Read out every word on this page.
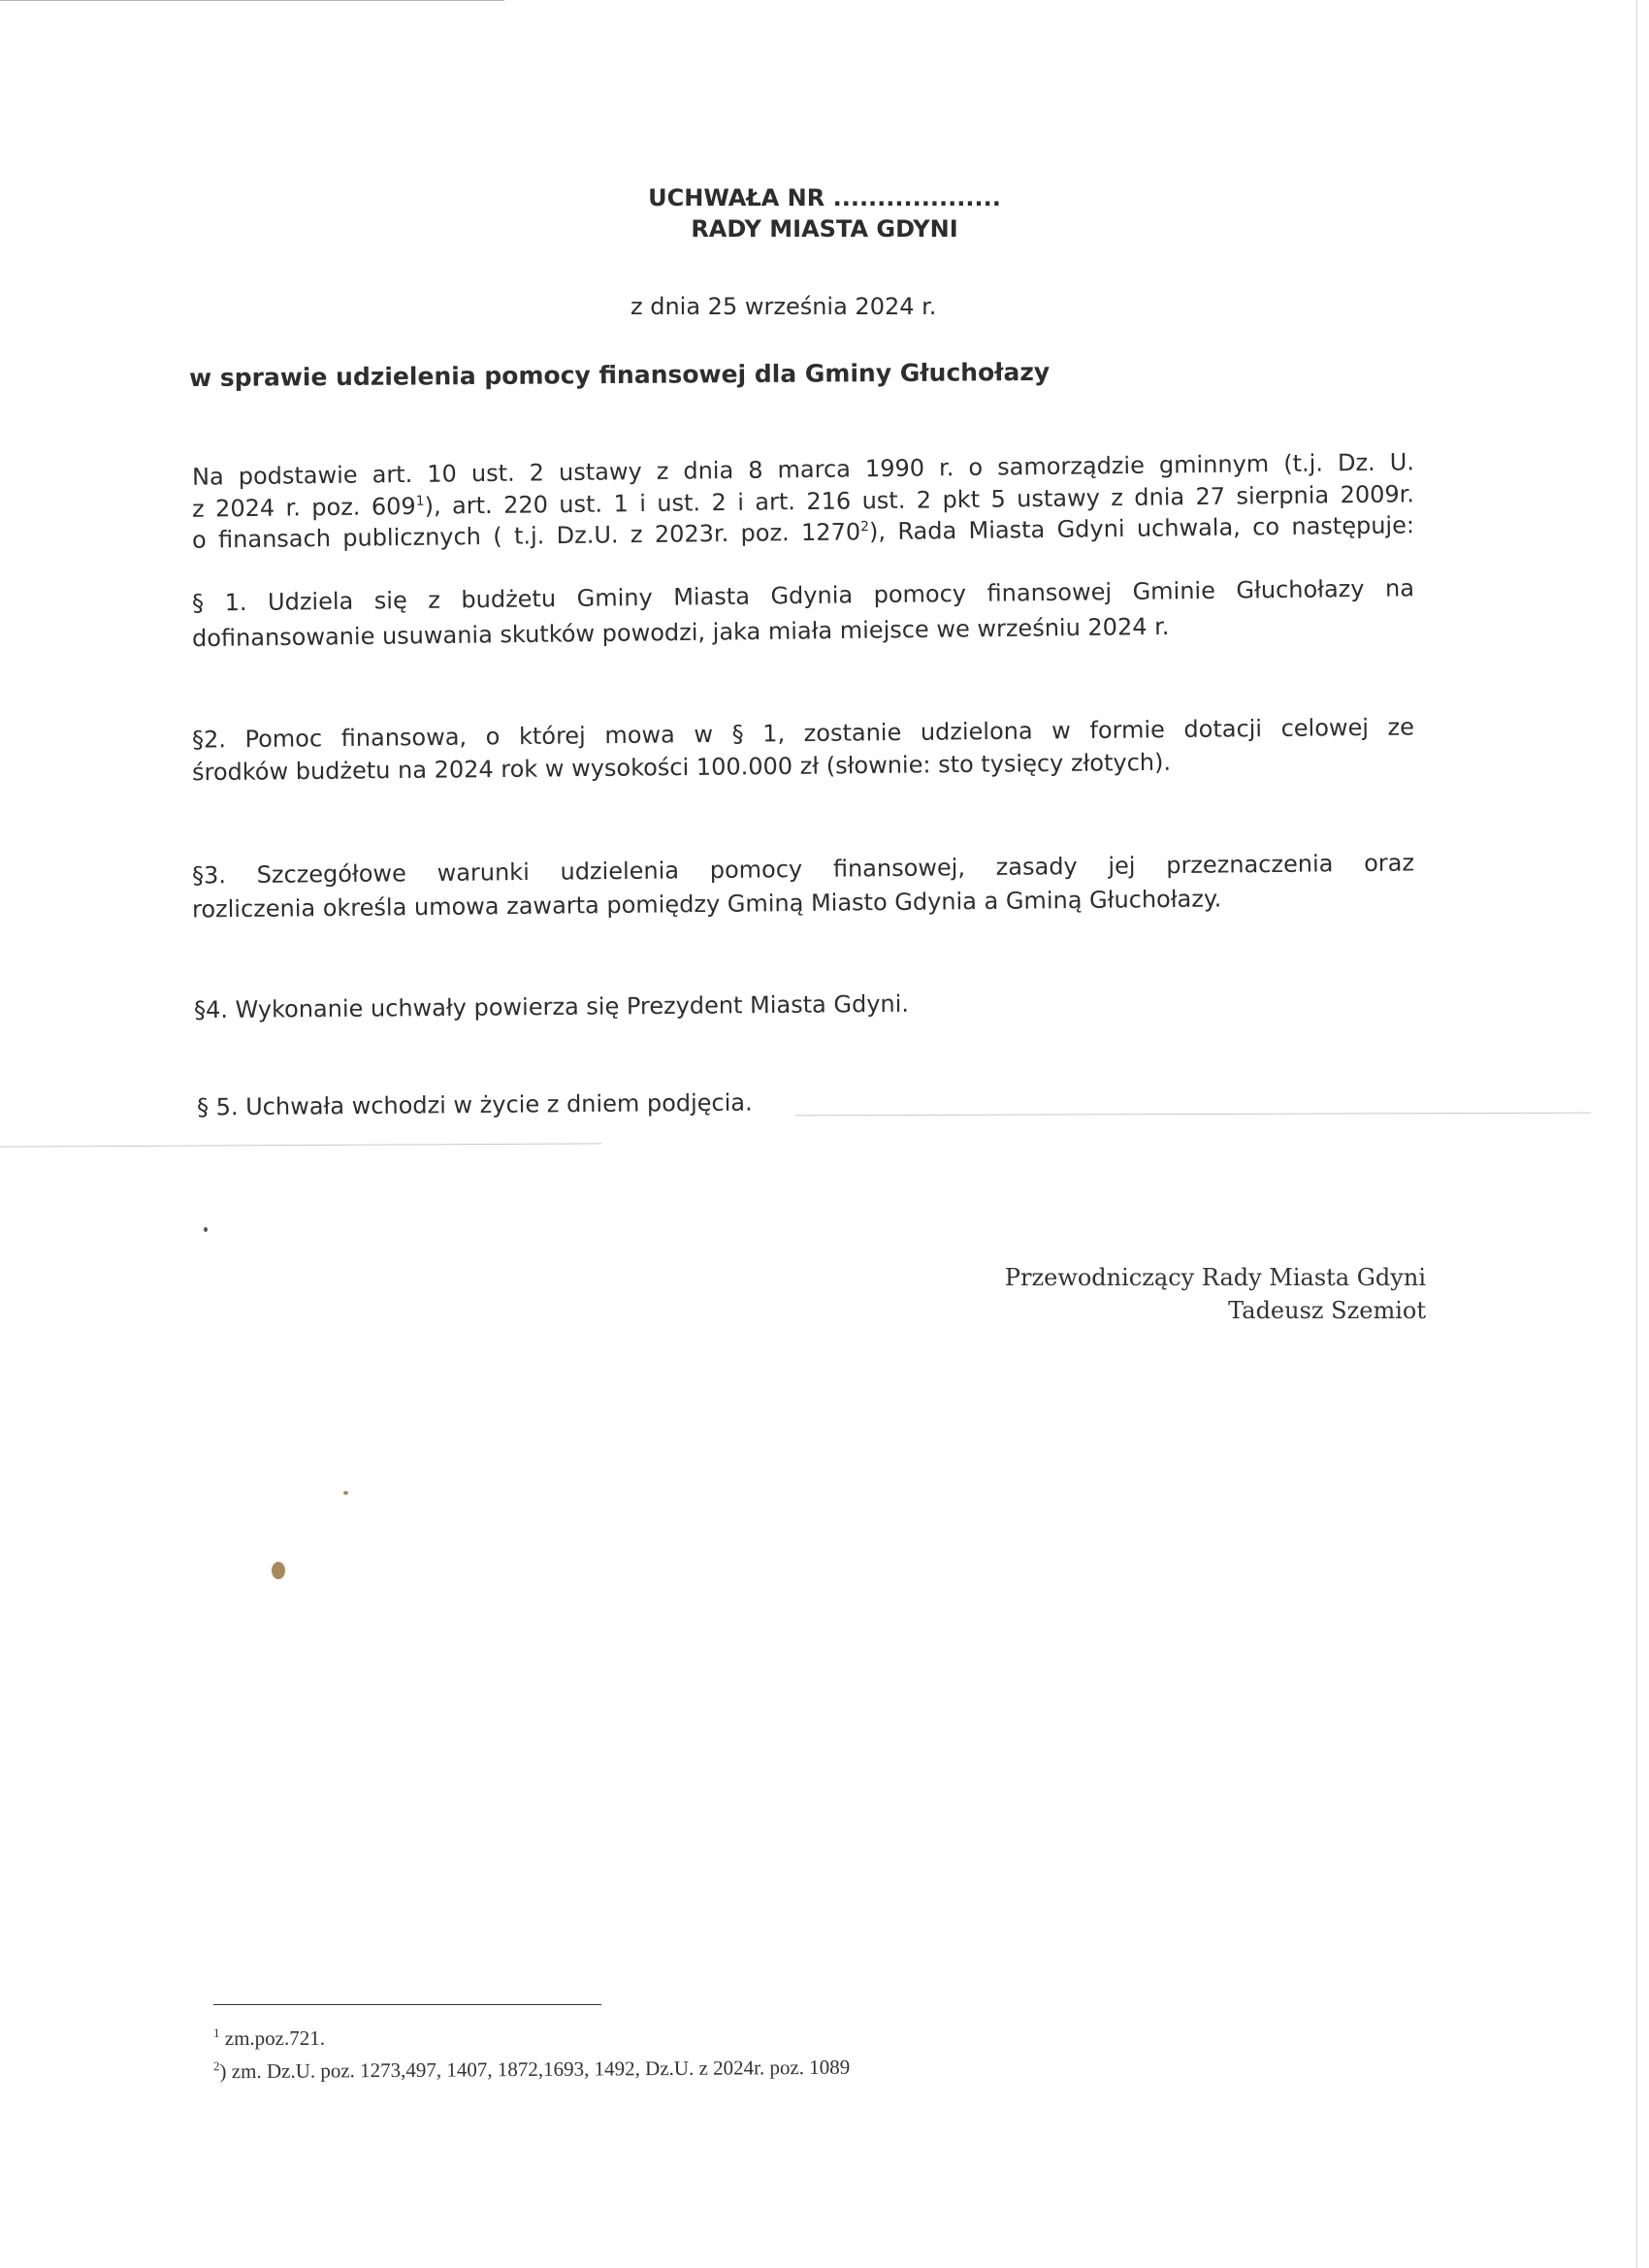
UCHWAŁA NR ...................
RADY MIASTA GDYNI
z dnia 25 września 2024 r.
w sprawie udzielenia pomocy finansowej dla Gminy Głuchołazy
Na podstawie art. 10 ust. 2 ustawy z dnia 8 marca 1990 r. o samorządzie gminnym (t.j. Dz. U.
z 2024 r. poz. $609^1$), art. 220 ust. 1 i ust. 2 i art. 216 ust. 2 pkt 5 ustawy z dnia 27 sierpnia 2009r.
o finansach publicznych ( t.j. Dz.U. z 2023r. poz. 1270$^2$), Rada Miasta Gdyni uchwala, co następuje:
§ 1. Udziela się z budżetu Gminy Miasta Gdynia pomocy finansowej Gminie Głuchołazy na
dofinansowanie usuwania skutków powodzi, jaka miała miejsce we wrześniu 2024 r.
§2. Pomoc finansowa, o której mowa w § 1, zostanie udzielona w formie dotacji celowej ze
środków budżetu na 2024 rok w wysokości 100.000 zł (słownie: sto tysięcy złotych).
§3. Szczegółowe warunki udzielenia pomocy finansowej, zasady jej przeznaczenia oraz
rozliczenia określa umowa zawarta pomiędzy Gminą Miasto Gdynia a Gminą Głuchołazy.
§4. Wykonanie uchwały powierza się Prezydent Miasta Gdyni.
§ 5. Uchwała wchodzi w życie z dniem podjęcia.
Przewodniczący Rady Miasta Gdyni
Tadeusz Szemiot
$^1$ zm.poz.721.
$^2$) zm. Dz.U. poz. 1273,497, 1407, 1872,1693, 1492, Dz.U. z 2024r. poz. 1089
